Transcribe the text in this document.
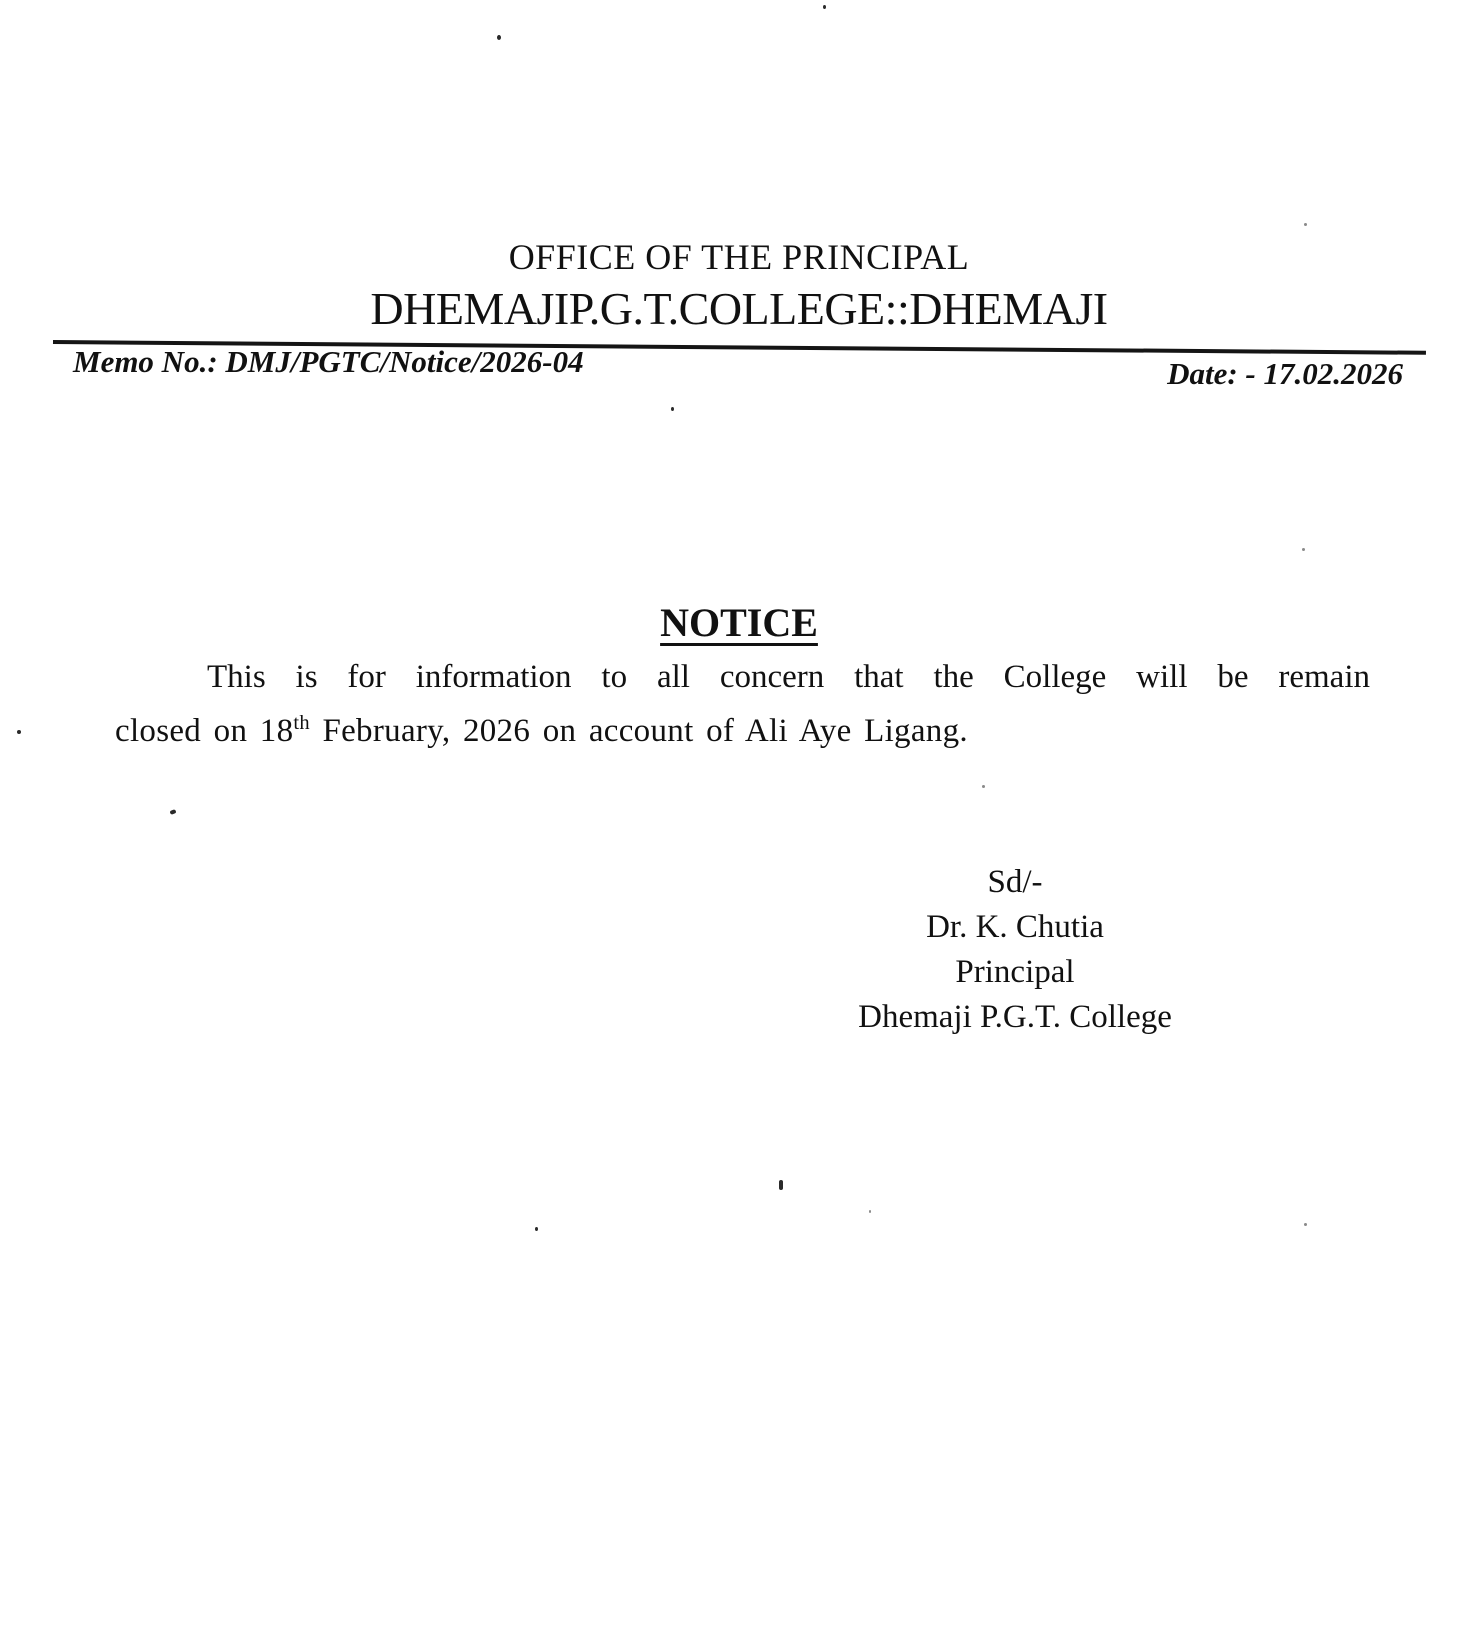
OFFICE OF THE PRINCIPAL
DHEMAJIP.G.T.COLLEGE::DHEMAJI
Memo No.: DMJ/PGTC/Notice/2026-04	Date: - 17.02.2026
NOTICE
This is for information to all concern that the College will be remain
closed on 18th February, 2026 on account of Ali Aye Ligang.
Sd/-
Dr. K. Chutia
Principal
Dhemaji P.G.T. College
